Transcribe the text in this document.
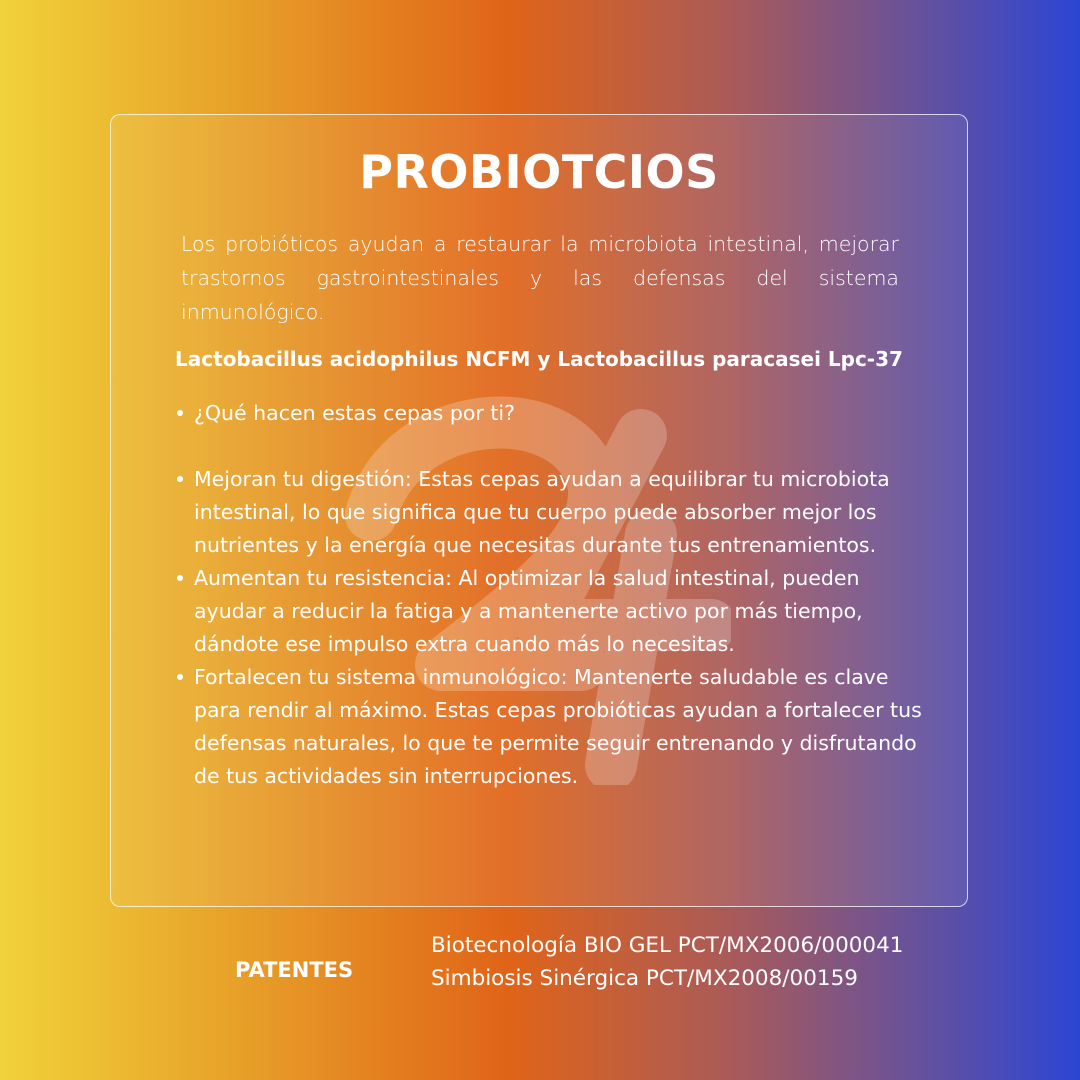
PROBIOTCIOS

Los probióticos ayudan a restaurar la microbiota intestinal, mejorar trastornos gastrointestinales y las defensas del sistema inmunológico.

Lactobacillus acidophilus NCFM y Lactobacillus paracasei Lpc-37

¿Qué hacen estas cepas por ti?
Mejoran tu digestión: Estas cepas ayudan a equilibrar tu microbiota intestinal, lo que significa que tu cuerpo puede absorber mejor los nutrientes y la energía que necesitas durante tus entrenamientos.
Aumentan tu resistencia: Al optimizar la salud intestinal, pueden ayudar a reducir la fatiga y a mantenerte activo por más tiempo, dándote ese impulso extra cuando más lo necesitas.
Fortalecen tu sistema inmunológico: Mantenerte saludable es clave para rendir al máximo. Estas cepas probióticas ayudan a fortalecer tus defensas naturales, lo que te permite seguir entrenando y disfrutando de tus actividades sin interrupciones.

PATENTES

Biotecnología BIO GEL PCT/MX2006/000041

Simbiosis Sinérgica PCT/MX2008/00159
